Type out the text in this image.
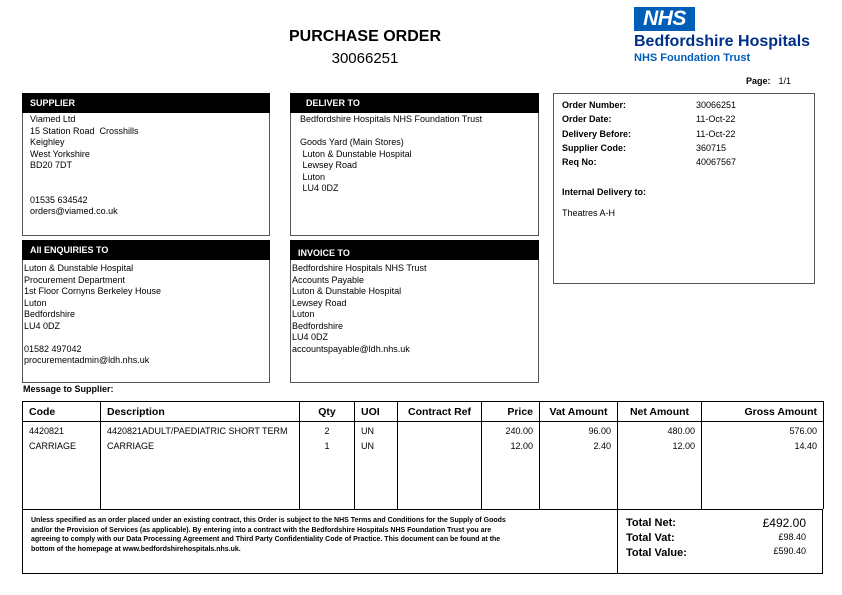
PURCHASE ORDER
30066251
NHS
Bedfordshire Hospitals
NHS Foundation Trust
Page: 1/1
SUPPLIER
Viamed Ltd
15 Station Road  Crosshills
Keighley
West Yorkshire
BD20 7DT

01535 634542
orders@viamed.co.uk
DELIVER TO
Bedfordshire Hospitals NHS Foundation Trust

Goods Yard (Main Stores)
Luton & Dunstable Hospital
Lewsey Road
Luton
LU4 0DZ
Order Number:	30066251
Order Date:	11-Oct-22
Delivery Before:	11-Oct-22
Supplier Code:	360715
Req No:	40067567
Internal Delivery to:
Theatres A-H
All ENQUIRIES TO
Luton & Dunstable Hospital
Procurement Department
1st Floor Cornyns Berkeley House
Luton
Bedfordshire
LU4 0DZ

01582 497042
procurementadmin@ldh.nhs.uk
INVOICE TO
Bedfordshire Hospitals NHS Trust
Accounts Payable
Luton & Dunstable Hospital
Lewsey Road
Luton
Bedfordshire
LU4 0DZ
accountspayable@ldh.nhs.uk
Message to Supplier:
Code	Description	Qty	UOI	Contract Ref	Price	Vat Amount	Net Amount	Gross Amount
4420821	4420821ADULT/PAEDIATRIC SHORT TERM	2	UN		240.00	96.00	480.00	576.00
CARRIAGE	CARRIAGE	1	UN		12.00	2.40	12.00	14.40

Unless specified as an order placed under an existing contract, this Order is subject to the NHS Terms and Conditions for the Supply of Goods and/or the Provision of Services (as applicable). By entering into a contract with the Bedfordshire Hospitals NHS Foundation Trust you are agreeing to comply with our Data Processing Agreement and Third Party Confidentiality Code of Practice. This document can be found at the bottom of the homepage at www.bedfordshirehospitals.nhs.uk.
Total Net:	£492.00
Total Vat:	£98.40
Total Value:	£590.40
